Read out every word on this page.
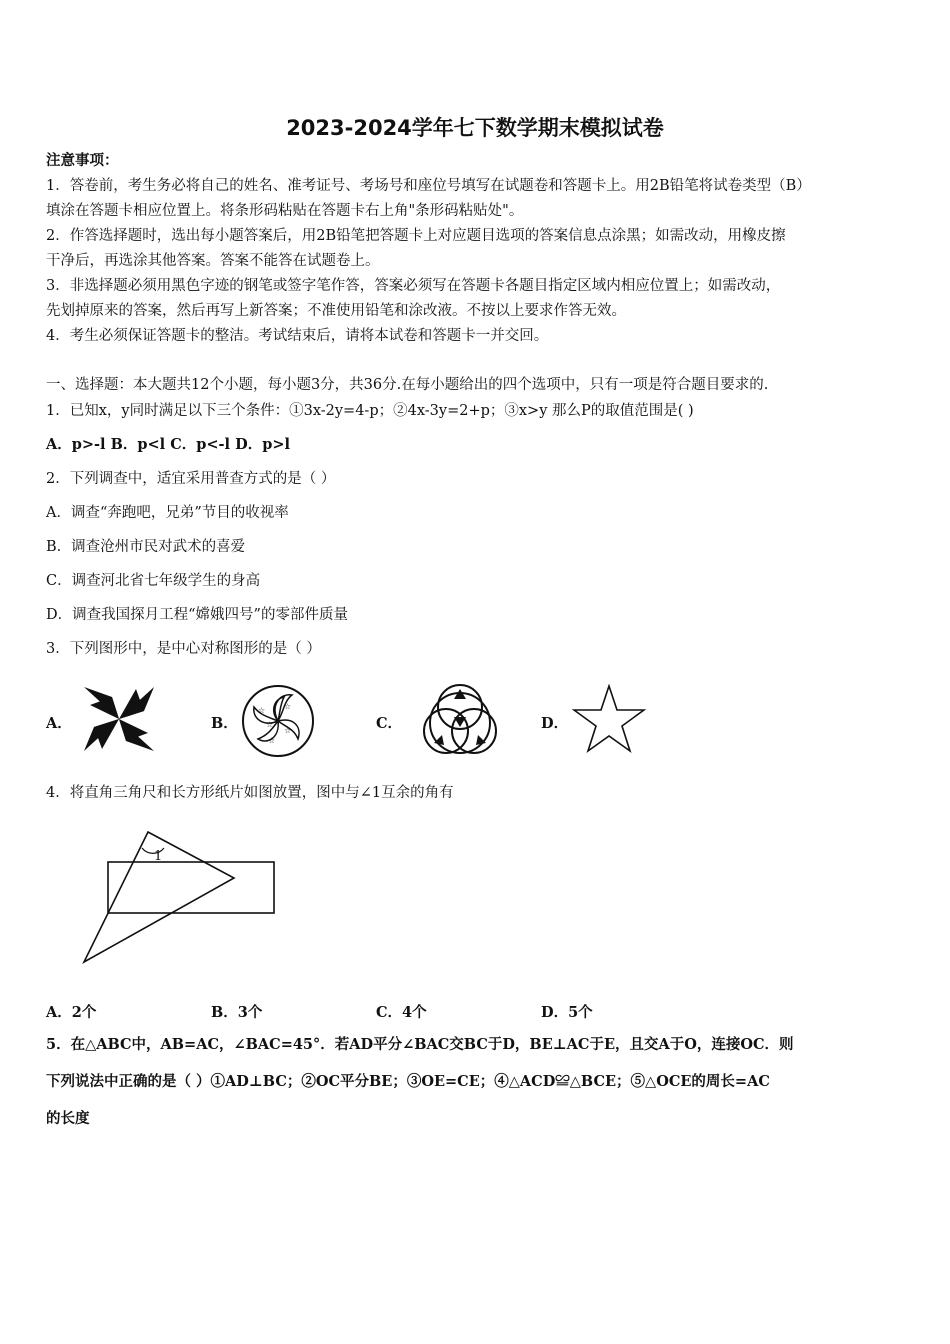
2023-2024学年七下数学期末模拟试卷
注意事项：
1．答卷前，考生务必将自己的姓名、准考证号、考场号和座位号填写在试题卷和答题卡上。用2B铅笔将试卷类型（B）
填涂在答题卡相应位置上。将条形码粘贴在答题卡右上角"条形码粘贴处"。
2．作答选择题时，选出每小题答案后，用2B铅笔把答题卡上对应题目选项的答案信息点涂黑；如需改动，用橡皮擦
干净后，再选涂其他答案。答案不能答在试题卷上。
3．非选择题必须用黑色字迹的钢笔或签字笔作答，答案必须写在答题卡各题目指定区域内相应位置上；如需改动，
先划掉原来的答案，然后再写上新答案；不准使用铅笔和涂改液。不按以上要求作答无效。
4．考生必须保证答题卡的整洁。考试结束后，请将本试卷和答题卡一并交回。
一、选择题：本大题共12个小题，每小题3分，共36分.在每小题给出的四个选项中，只有一项是符合题目要求的.
1．已知x，y同时满足以下三个条件：①3x-2y=4-p；②4x-3y=2+p；③x>y 那么P的取值范围是( )
A．p>-l B．p<l C．p<-l D．p>l
2．下列调查中，适宜采用普查方式的是（ ）
A．调查“奔跑吧，兄弟”节目的收视率
B．调查沧州市民对武术的喜爱
C．调查河北省七年级学生的身高
D．调查我国探月工程“嫦娥四号”的零部件质量
3．下列图形中，是中心对称图形的是（ ）
A．	B．	C．	D．
☆
☆
☆
☆
☆
4．将直角三角尺和长方形纸片如图放置，图中与∠1互余的角有
1
A．2个	B．3个	C．4个	D．5个
5．在△ABC中，AB=AC，∠BAC=45°．若AD平分∠BAC交BC于D，BE⊥AC于E，且交A于O，连接OC．则
下列说法中正确的是（ ）①AD⊥BC；②OC平分BE；③OE=CE；④△ACD≌△BCE；⑤△OCE的周长=AC
的长度
